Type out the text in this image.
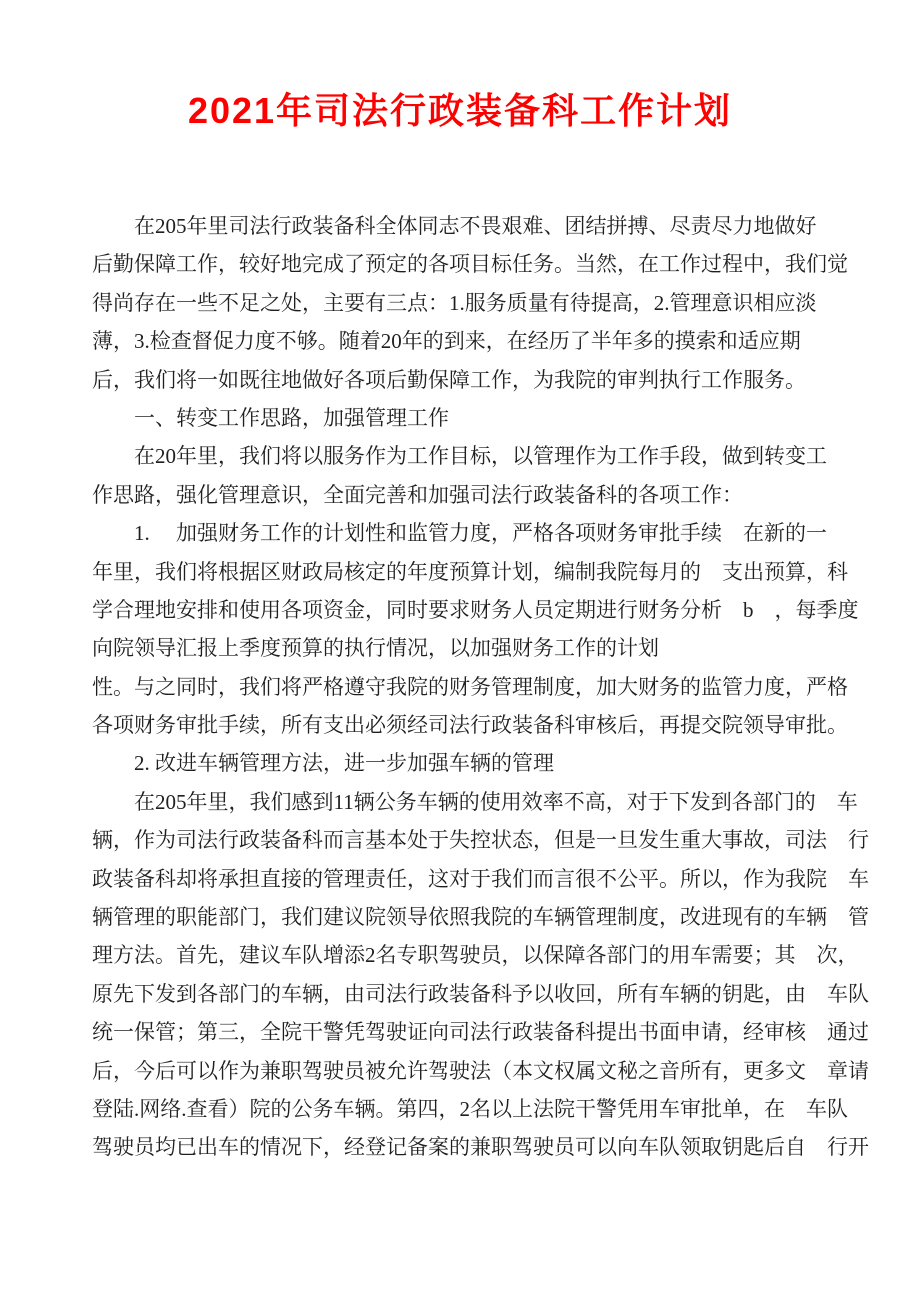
2021年司法行政装备科工作计划
　　在205年里司法行政装备科全体同志不畏艰难、团结拼搏、尽责尽力地做好
后勤保障工作，较好地完成了预定的各项目标任务。当然，在工作过程中，我们觉
得尚存在一些不足之处，主要有三点：1.服务质量有待提高，2.管理意识相应淡
薄，3.检查督促力度不够。随着20年的到来，在经历了半年多的摸索和适应期
后，我们将一如既往地做好各项后勤保障工作，为我院的审判执行工作服务。
　　一、转变工作思路，加强管理工作
　　在20年里，我们将以服务作为工作目标，以管理作为工作手段，做到转变工
作思路，强化管理意识，全面完善和加强司法行政装备科的各项工作：
　　1.　 加强财务工作的计划性和监管力度，严格各项财务审批手续　在新的一
年里，我们将根据区财政局核定的年度预算计划，编制我院每月的　支出预算，科
学合理地安排和使用各项资金，同时要求财务人员定期进行财务分析　b　，每季度
向院领导汇报上季度预算的执行情况，以加强财务工作的计划
性。与之同时，我们将严格遵守我院的财务管理制度，加大财务的监管力度，严格
各项财务审批手续，所有支出必须经司法行政装备科审核后，再提交院领导审批。
　　2. 改进车辆管理方法，进一步加强车辆的管理
　　在205年里，我们感到11辆公务车辆的使用效率不高，对于下发到各部门的　车
辆，作为司法行政装备科而言基本处于失控状态，但是一旦发生重大事故，司法　行
政装备科却将承担直接的管理责任，这对于我们而言很不公平。所以，作为我院　车
辆管理的职能部门，我们建议院领导依照我院的车辆管理制度，改进现有的车辆　管
理方法。首先，建议车队增添2名专职驾驶员，以保障各部门的用车需要；其　次，
原先下发到各部门的车辆，由司法行政装备科予以收回，所有车辆的钥匙，由　车队
统一保管；第三，全院干警凭驾驶证向司法行政装备科提出书面申请，经审核　通过
后，今后可以作为兼职驾驶员被允许驾驶法（本文权属文秘之音所有，更多文　章请
登陆.网络.查看）院的公务车辆。第四，2名以上法院干警凭用车审批单，在　车队
驾驶员均已出车的情况下，经登记备案的兼职驾驶员可以向车队领取钥匙后自　行开
